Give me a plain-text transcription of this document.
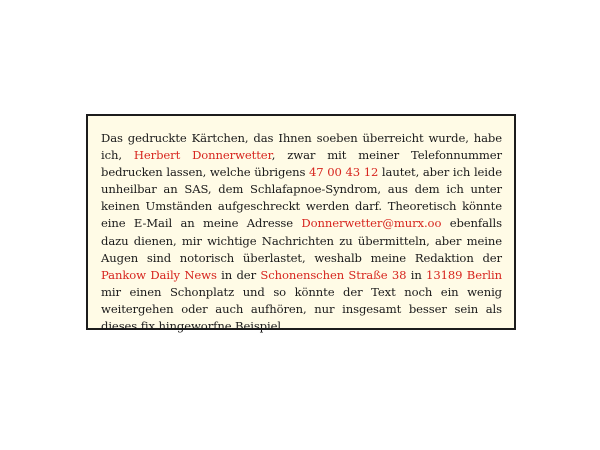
Das gedruckte Kärtchen, das Ihnen soeben überreicht wurde, habe ich, Herbert Donnerwetter, zwar mit meiner Telefonnummer bedrucken lassen, welche übrigens 47 00 43 12 lautet, aber ich leide unheilbar an SAS, dem Schlafapnoe-Syndrom, aus dem ich unter keinen Umständen aufgeschreckt werden darf. Theoretisch könnte eine E-Mail an meine Adresse Donnerwetter@murx.oo ebenfalls dazu dienen, mir wichtige Nachrichten zu übermitteln, aber meine Augen sind notorisch überlastet, weshalb meine Redaktion der Pankow Daily News in der Schonenschen Straße 38 in 13189 Berlin mir einen Schonplatz und so könnte der Text noch ein wenig weitergehen oder auch aufhören, nur insgesamt besser sein als dieses fix hingeworfne Beispiel.
